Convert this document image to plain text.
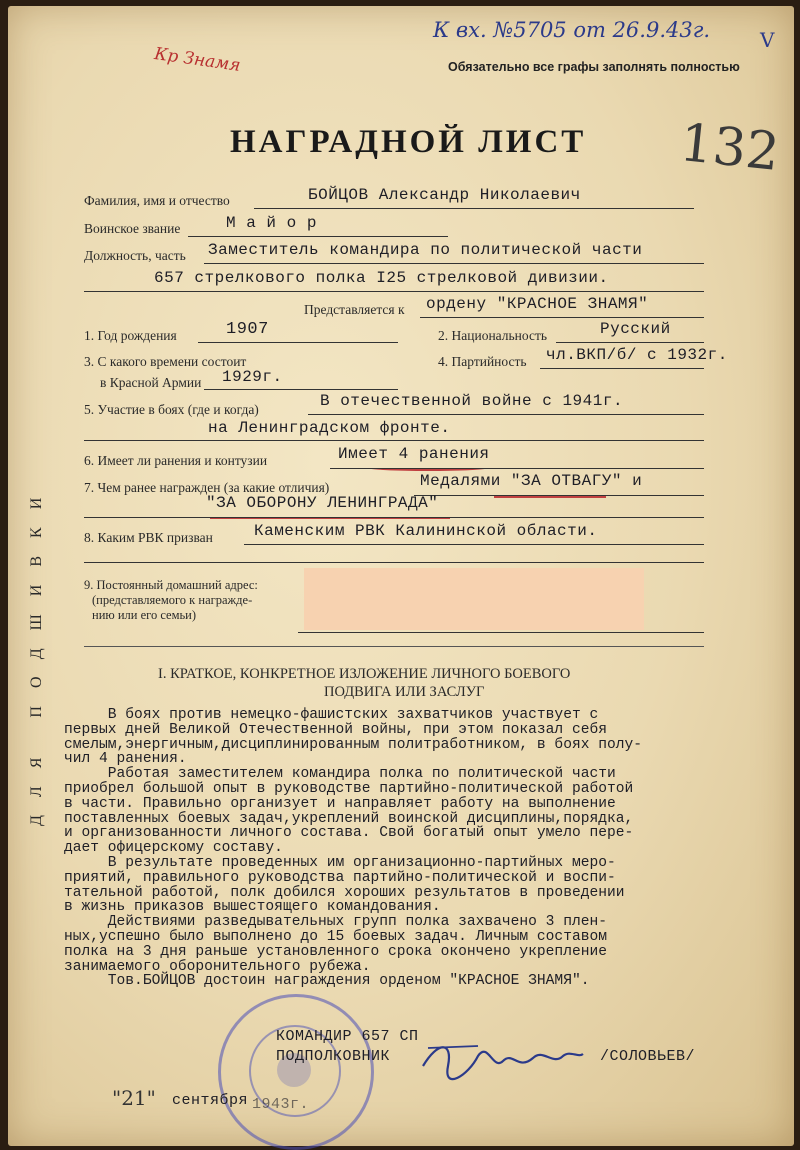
К вх. №5705 от 26.9.43г. V
Кр Знамя	Обязательно все графы заполнять полностью
132
НАГРАДНОЙ ЛИСТ
ДЛЯ ПОДШИВКИ
Фамилия, имя и отчество	БОЙЦОВ Александр Николаевич
Воинское звание	М а й о р
Должность, часть Заместитель командира по политической части
657 стрелкового полка I25 стрелковой дивизии.
Представляется к ордену "КРАСНОЕ ЗНАМЯ"
1. Год рождения	1907	2. Национальность	Русский
3. С какого времени состоит
в Красной Армии 1929г.
4. Партийность чл.ВКП/б/ с 1932г.
5. Участие в боях (где и когда)	В отечественной войне с 1941г.
на Ленинградском фронте.
6. Имеет ли ранения и контузии	Имеет 4 ранения
7. Чем ранее награжден (за какие отличия)	Медалями "ЗА ОТВАГУ" и
"ЗА ОБОРОНУ ЛЕНИНГРАДА"
8. Каким РВК призван	Каменским РВК Калининской области.
9. Постоянный домашний адрес:
(представляемого к награжде-
нию или его семьи)
I. КРАТКОЕ, КОНКРЕТНОЕ ИЗЛОЖЕНИЕ ЛИЧНОГО БОЕВОГО
ПОДВИГА ИЛИ ЗАСЛУГ
В боях против немецко-фашистских захватчиков участвует с
первых дней Великой Отечественной войны, при этом показал себя
смелым,энергичным,дисциплинированным политработником, в боях полу-
чил 4 ранения.
Работая заместителем командира полка по политической части
приобрел большой опыт в руководстве партийно-политической работой
в части. Правильно организует и направляет работу на выполнение
поставленных боевых задач,укреплений воинской дисциплины,порядка,
и организованности личного состава. Свой богатый опыт умело пере-
дает офицерскому составу.
В результате проведенных им организационно-партийных меро-
приятий, правильного руководства партийно-политической и воспи-
тательной работой, полк добился хороших результатов в проведении
в жизнь приказов вышестоящего командования.
Действиями разведывательных групп полка захвачено 3 плен-
ных,успешно было выполнено до 15 боевых задач. Личным составом
полка на 3 дня раньше установленного срока окончено укрепление
занимаемого оборонительного рубежа.
Тов.БОЙЦОВ достоин награждения орденом "КРАСНОЕ ЗНАМЯ".
КОМАНДИР 657 СП
ПОДПОЛКОВНИК	/СОЛОВЬЕВ/
"21" сентября 1943г.
